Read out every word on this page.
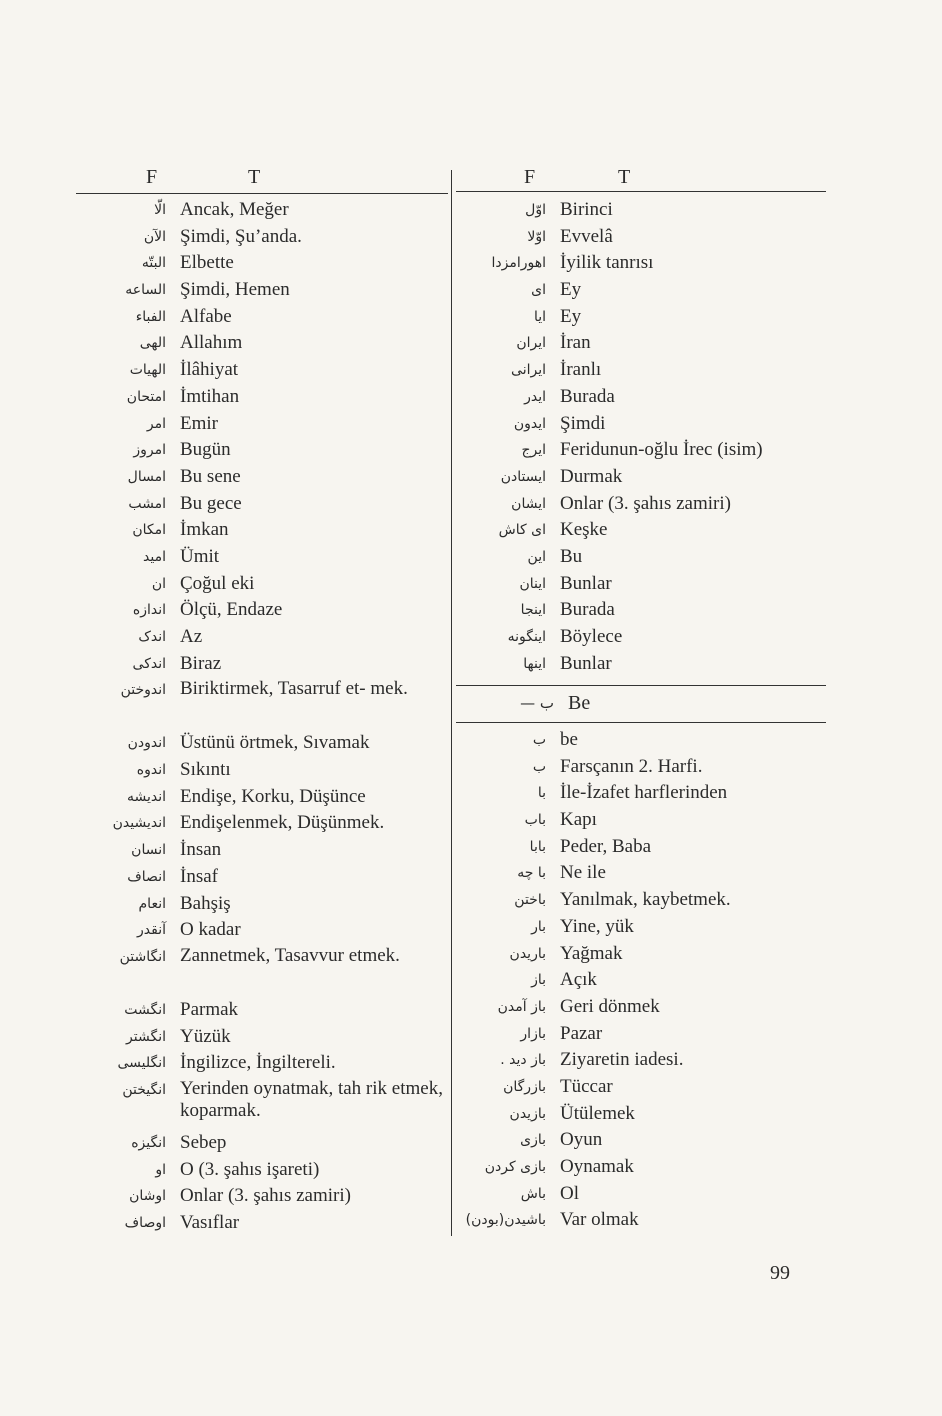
F	T	F	T
الّا Ancak, Meğer
الآن Şimdi, Şu’anda.
البتّه Elbette
الساعه Şimdi, Hemen
الفباء Alfabe
الهی Allahım
الهیات İlâhiyat
امتحان İmtihan
امر Emir
امروز Bugün
امسال Bu sene
امشب Bu gece
امکان İmkan
امید Ümit
ان Çoğul eki
اندازه Ölçü, Endaze
اندک Az
اندکی Biraz
اندوختن Biriktirmek, Tasarruf et- mek.
اندودن Üstünü örtmek, Sıvamak
اندوه Sıkıntı
اندیشه Endişe, Korku, Düşünce
اندیشیدن Endişelenmek, Düşünmek.
انسان İnsan
انصاف İnsaf
انعام Bahşiş
آنقدر O kadar
انگاشتن Zannetmek, Tasavvur etmek.
انگشت Parmak
انگشتر Yüzük
انگلیسی İngilizce, İngiltereli.
انگیختن Yerinden oynatmak, tah rik etmek, koparmak.
انگیزه Sebep
او O (3. şahıs işareti)
اوشان Onlar (3. şahıs zamiri)
اوصاف Vasıflar
اوّل Birinci
اوّلا Evvelâ
اهورامزدا İyilik tanrısı
ای Ey
ایا Ey
ایران İran
ایرانی İranlı
ایدر Burada
ایدون Şimdi
ایرج Feridunun-oğlu İrec (isim)
ایستادن Durmak
ایشان Onlar (3. şahıs zamiri)
ای کاش Keşke
این Bu
اینان Bunlar
اینجا Burada
اینگونه Böylece
اینها Bunlar
ب — Be
ب be
ب Farsçanın 2. Harfi.
با İle-İzafet harflerinden
باب Kapı
بابا Peder, Baba
با چه Ne ile
باختن Yanılmak, kaybetmek.
بار Yine, yük
باریدن Yağmak
باز Açık
باز آمدن Geri dönmek
بازار Pazar
باز دید . Ziyaretin iadesi.
بازرگان Tüccar
بازیدن Ütülemek
بازی Oyun
بازی کردن Oynamak
باش Ol
باشیدن(بودن) Var olmak
99
